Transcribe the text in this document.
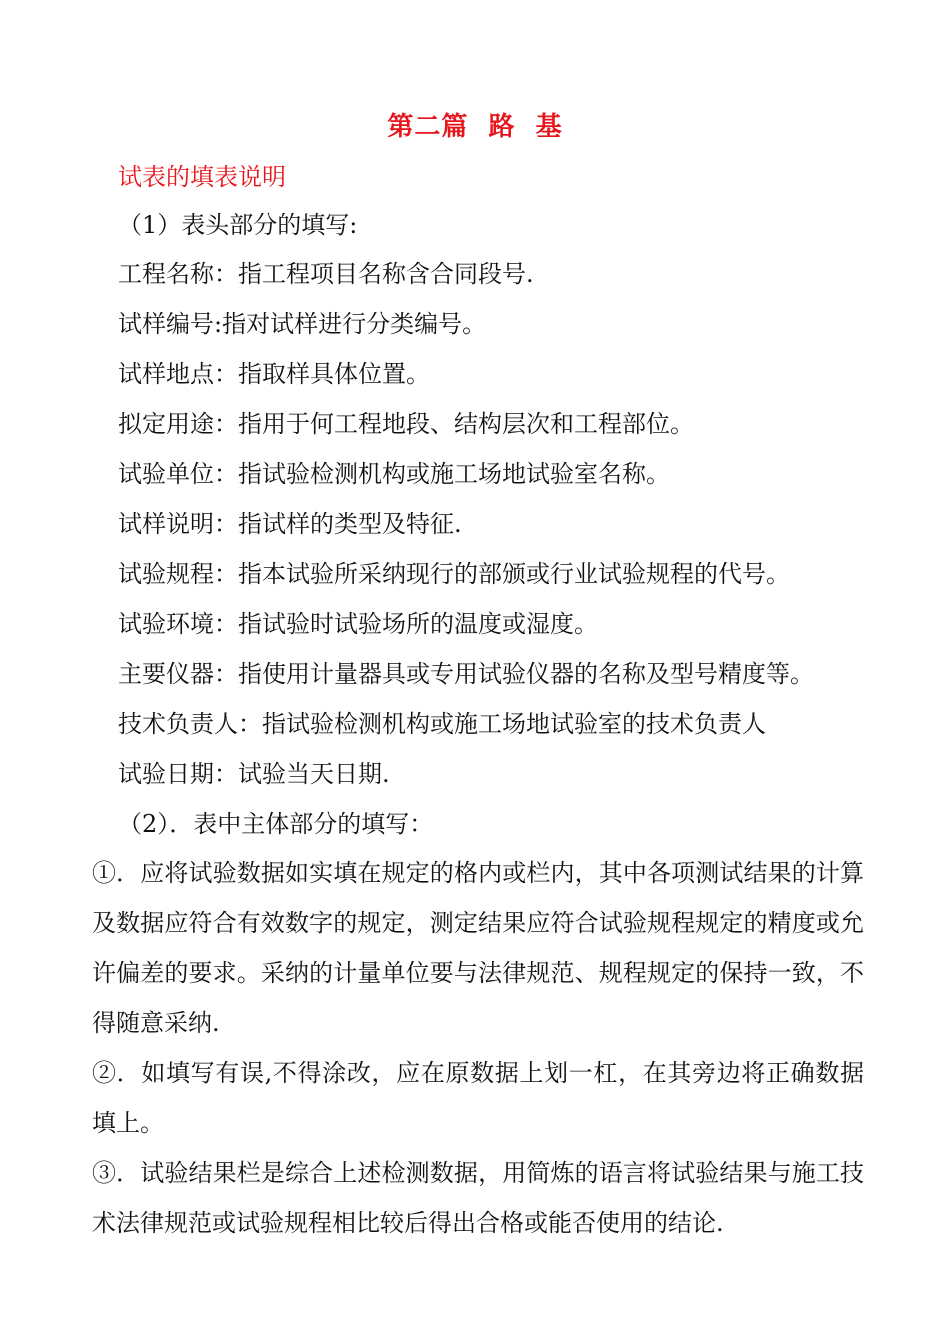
第二篇  路  基

试表的填表说明

（1）表头部分的填写:

工程名称：指工程项目名称含合同段号.

试样编号:指对试样进行分类编号。

试样地点：指取样具体位置。

拟定用途：指用于何工程地段、结构层次和工程部位。

试验单位：指试验检测机构或施工场地试验室名称。

试样说明：指试样的类型及特征.

试验规程：指本试验所采纳现行的部颁或行业试验规程的代号。

试验环境：指试验时试验场所的温度或湿度。

主要仪器：指使用计量器具或专用试验仪器的名称及型号精度等。

技术负责人：指试验检测机构或施工场地试验室的技术负责人

试验日期：试验当天日期.

（2）．表中主体部分的填写：

①．应将试验数据如实填在规定的格内或栏内，其中各项测试结果的计算及数据应符合有效数字的规定，测定结果应符合试验规程规定的精度或允许偏差的要求。采纳的计量单位要与法律规范、规程规定的保持一致，不得随意采纳.

②．如填写有误,不得涂改，应在原数据上划一杠，在其旁边将正确数据填上。

③．试验结果栏是综合上述检测数据，用简炼的语言将试验结果与施工技术法律规范或试验规程相比较后得出合格或能否使用的结论.
